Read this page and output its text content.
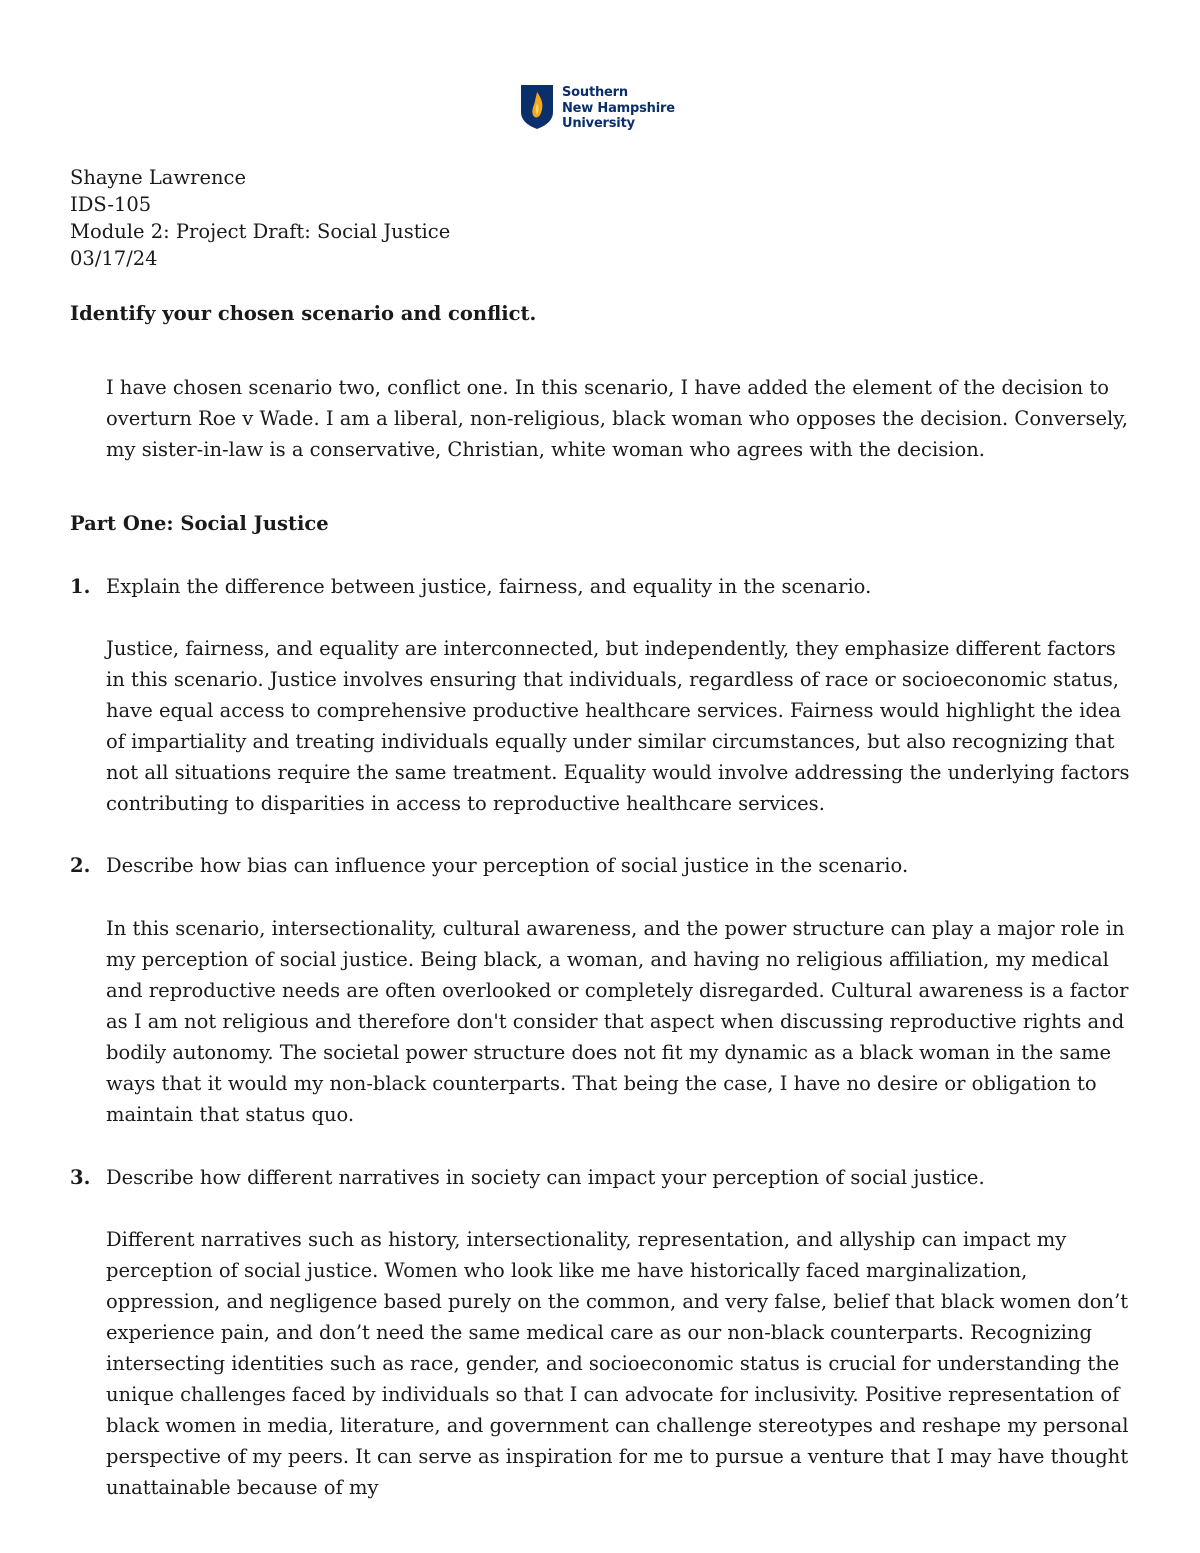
Southern
New Hampshire
University
Shayne Lawrence
IDS-105
Module 2: Project Draft: Social Justice
03/17/24
Identify your chosen scenario and conflict.
I have chosen scenario two, conflict one. In this scenario, I have added the element of the decision to overturn Roe v Wade. I am a liberal, non-religious, black woman who opposes the decision. Conversely, my sister-in-law is a conservative, Christian, white woman who agrees with the decision.
Part One: Social Justice
1. Explain the difference between justice, fairness, and equality in the scenario.
Justice, fairness, and equality are interconnected, but independently, they emphasize different factors in this scenario. Justice involves ensuring that individuals, regardless of race or socioeconomic status, have equal access to comprehensive productive healthcare services. Fairness would highlight the idea of impartiality and treating individuals equally under similar circumstances, but also recognizing that not all situations require the same treatment. Equality would involve addressing the underlying factors contributing to disparities in access to reproductive healthcare services.
2. Describe how bias can influence your perception of social justice in the scenario.
In this scenario, intersectionality, cultural awareness, and the power structure can play a major role in my perception of social justice. Being black, a woman, and having no religious affiliation, my medical and reproductive needs are often overlooked or completely disregarded. Cultural awareness is a factor as I am not religious and therefore don't consider that aspect when discussing reproductive rights and bodily autonomy. The societal power structure does not fit my dynamic as a black woman in the same ways that it would my non-black counterparts. That being the case, I have no desire or obligation to maintain that status quo.
3. Describe how different narratives in society can impact your perception of social justice.
Different narratives such as history, intersectionality, representation, and allyship can impact my perception of social justice. Women who look like me have historically faced marginalization, oppression, and negligence based purely on the common, and very false, belief that black women don’t experience pain, and don’t need the same medical care as our non-black counterparts. Recognizing intersecting identities such as race, gender, and socioeconomic status is crucial for understanding the unique challenges faced by individuals so that I can advocate for inclusivity. Positive representation of black women in media, literature, and government can challenge stereotypes and reshape my personal perspective of my peers. It can serve as inspiration for me to pursue a venture that I may have thought unattainable because of my
